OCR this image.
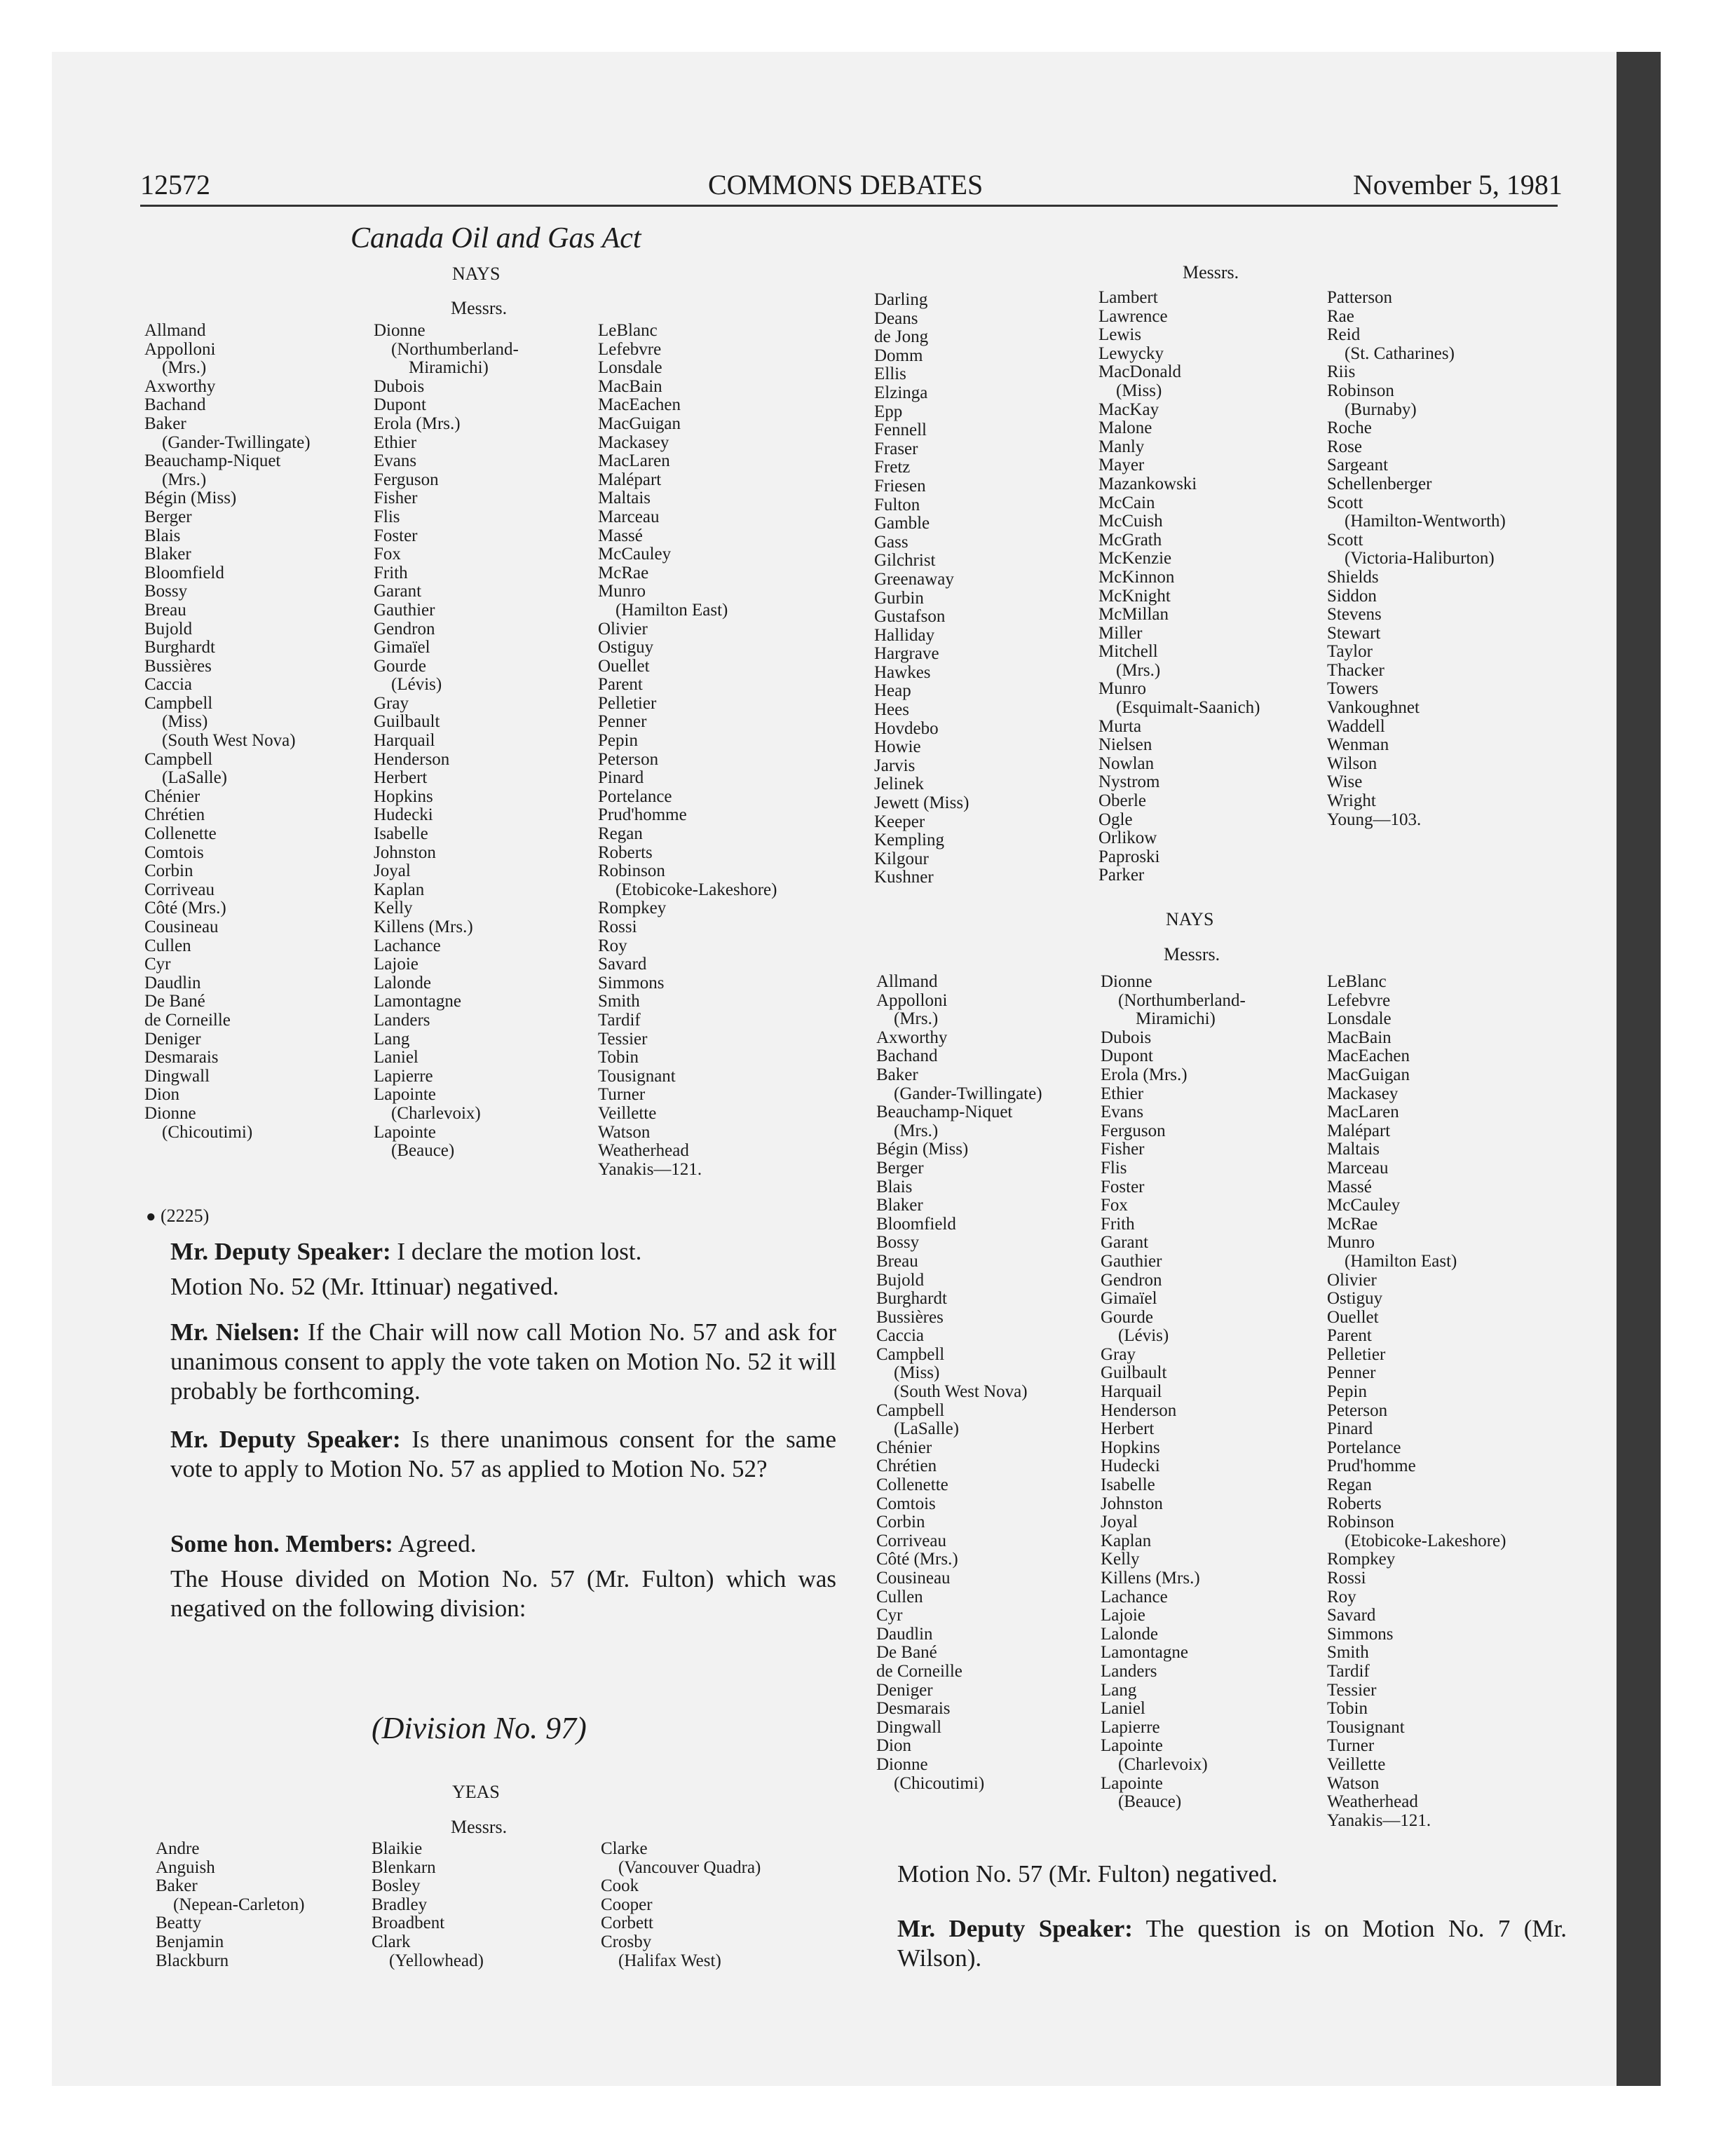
12572	COMMONS DEBATES	November 5, 1981
Canada Oil and Gas Act
NAYS
Messrs.
Allmand
Appolloni
(Mrs.)
Axworthy
Bachand
Baker
(Gander-Twillingate)
Beauchamp-Niquet
(Mrs.)
Bégin (Miss)
Berger
Blais
Blaker
Bloomfield
Bossy
Breau
Bujold
Burghardt
Bussières
Caccia
Campbell
(Miss)
(South West Nova)
Campbell
(LaSalle)
Chénier
Chrétien
Collenette
Comtois
Corbin
Corriveau
Côté (Mrs.)
Cousineau
Cullen
Cyr
Daudlin
De Bané
de Corneille
Deniger
Desmarais
Dingwall
Dion
Dionne
(Chicoutimi)
Dionne
(Northumberland-
Miramichi)
Dubois
Dupont
Erola (Mrs.)
Ethier
Evans
Ferguson
Fisher
Flis
Foster
Fox
Frith
Garant
Gauthier
Gendron
Gimaïel
Gourde
(Lévis)
Gray
Guilbault
Harquail
Henderson
Herbert
Hopkins
Hudecki
Isabelle
Johnston
Joyal
Kaplan
Kelly
Killens (Mrs.)
Lachance
Lajoie
Lalonde
Lamontagne
Landers
Lang
Laniel
Lapierre
Lapointe
(Charlevoix)
Lapointe
(Beauce)
LeBlanc
Lefebvre
Lonsdale
MacBain
MacEachen
MacGuigan
Mackasey
MacLaren
Malépart
Maltais
Marceau
Massé
McCauley
McRae
Munro
(Hamilton East)
Olivier
Ostiguy
Ouellet
Parent
Pelletier
Penner
Pepin
Peterson
Pinard
Portelance
Prud'homme
Regan
Roberts
Robinson
(Etobicoke-Lakeshore)
Rompkey
Rossi
Roy
Savard
Simmons
Smith
Tardif
Tessier
Tobin
Tousignant
Turner
Veillette
Watson
Weatherhead
Yanakis—121.
● (2225)
Mr. Deputy Speaker: I declare the motion lost.
Motion No. 52 (Mr. Ittinuar) negatived.
Mr. Nielsen: If the Chair will now call Motion No. 57 and ask for unanimous consent to apply the vote taken on Motion No. 52 it will probably be forthcoming.
Mr. Deputy Speaker: Is there unanimous consent for the same vote to apply to Motion No. 57 as applied to Motion No. 52?
Some hon. Members: Agreed.
The House divided on Motion No. 57 (Mr. Fulton) which was negatived on the following division:
(Division No. 97)
YEAS
Messrs.
Andre
Anguish
Baker
(Nepean-Carleton)
Beatty
Benjamin
Blackburn
Blaikie
Blenkarn
Bosley
Bradley
Broadbent
Clark
(Yellowhead)
Clarke
(Vancouver Quadra)
Cook
Cooper
Corbett
Crosby
(Halifax West)
Messrs.
Darling
Deans
de Jong
Domm
Ellis
Elzinga
Epp
Fennell
Fraser
Fretz
Friesen
Fulton
Gamble
Gass
Gilchrist
Greenaway
Gurbin
Gustafson
Halliday
Hargrave
Hawkes
Heap
Hees
Hovdebo
Howie
Jarvis
Jelinek
Jewett (Miss)
Keeper
Kempling
Kilgour
Kushner
Lambert
Lawrence
Lewis
Lewycky
MacDonald
(Miss)
MacKay
Malone
Manly
Mayer
Mazankowski
McCain
McCuish
McGrath
McKenzie
McKinnon
McKnight
McMillan
Miller
Mitchell
(Mrs.)
Munro
(Esquimalt-Saanich)
Murta
Nielsen
Nowlan
Nystrom
Oberle
Ogle
Orlikow
Paproski
Parker
Patterson
Rae
Reid
(St. Catharines)
Riis
Robinson
(Burnaby)
Roche
Rose
Sargeant
Schellenberger
Scott
(Hamilton-Wentworth)
Scott
(Victoria-Haliburton)
Shields
Siddon
Stevens
Stewart
Taylor
Thacker
Towers
Vankoughnet
Waddell
Wenman
Wilson
Wise
Wright
Young—103.
NAYS
Messrs.
Allmand
Appolloni
(Mrs.)
Axworthy
Bachand
Baker
(Gander-Twillingate)
Beauchamp-Niquet
(Mrs.)
Bégin (Miss)
Berger
Blais
Blaker
Bloomfield
Bossy
Breau
Bujold
Burghardt
Bussières
Caccia
Campbell
(Miss)
(South West Nova)
Campbell
(LaSalle)
Chénier
Chrétien
Collenette
Comtois
Corbin
Corriveau
Côté (Mrs.)
Cousineau
Cullen
Cyr
Daudlin
De Bané
de Corneille
Deniger
Desmarais
Dingwall
Dion
Dionne
(Chicoutimi)
Dionne
(Northumberland-
Miramichi)
Dubois
Dupont
Erola (Mrs.)
Ethier
Evans
Ferguson
Fisher
Flis
Foster
Fox
Frith
Garant
Gauthier
Gendron
Gimaïel
Gourde
(Lévis)
Gray
Guilbault
Harquail
Henderson
Herbert
Hopkins
Hudecki
Isabelle
Johnston
Joyal
Kaplan
Kelly
Killens (Mrs.)
Lachance
Lajoie
Lalonde
Lamontagne
Landers
Lang
Laniel
Lapierre
Lapointe
(Charlevoix)
Lapointe
(Beauce)
LeBlanc
Lefebvre
Lonsdale
MacBain
MacEachen
MacGuigan
Mackasey
MacLaren
Malépart
Maltais
Marceau
Massé
McCauley
McRae
Munro
(Hamilton East)
Olivier
Ostiguy
Ouellet
Parent
Pelletier
Penner
Pepin
Peterson
Pinard
Portelance
Prud'homme
Regan
Roberts
Robinson
(Etobicoke-Lakeshore)
Rompkey
Rossi
Roy
Savard
Simmons
Smith
Tardif
Tessier
Tobin
Tousignant
Turner
Veillette
Watson
Weatherhead
Yanakis—121.
Motion No. 57 (Mr. Fulton) negatived.
Mr. Deputy Speaker: The question is on Motion No. 7 (Mr. Wilson).
